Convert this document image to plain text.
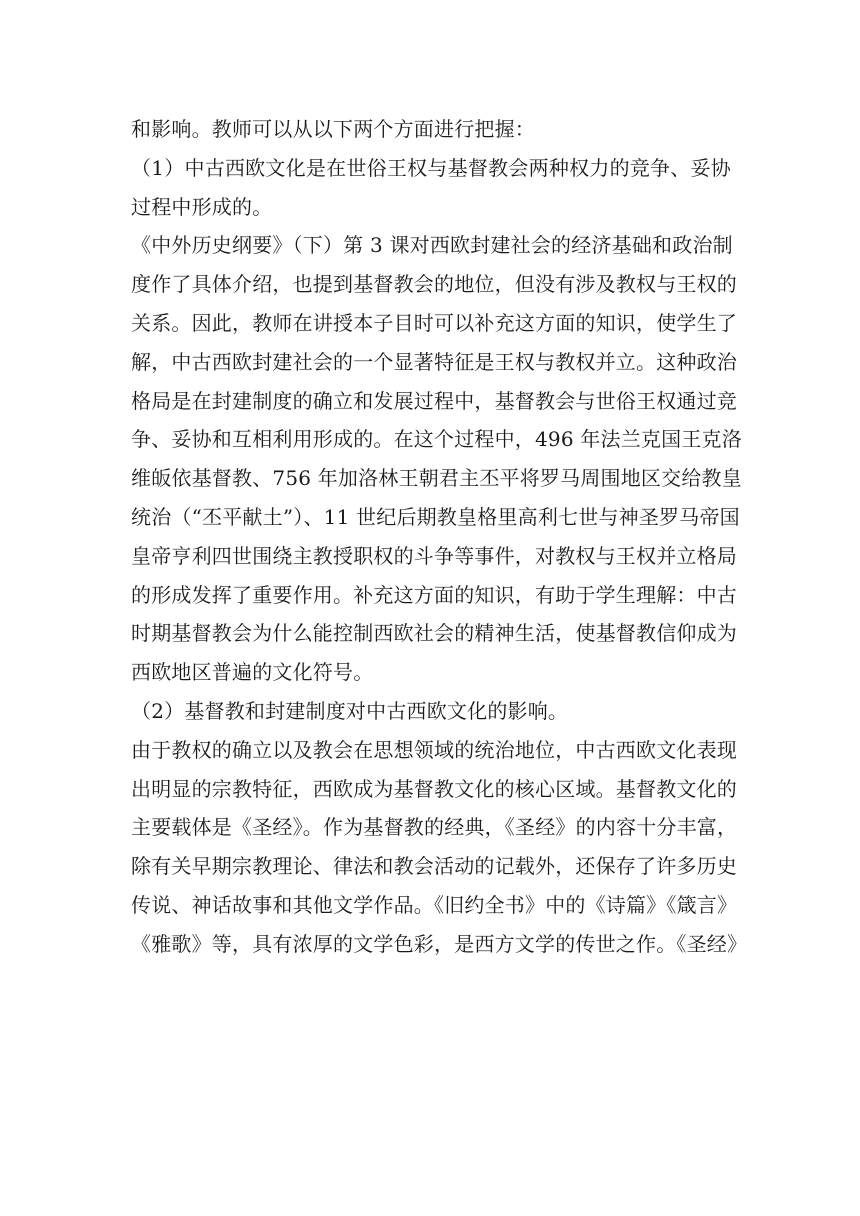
和影响。教师可以从以下两个方面进行把握：
（1）中古西欧文化是在世俗王权与基督教会两种权力的竞争、妥协
过程中形成的。
《中外历史纲要》（下）第 3 课对西欧封建社会的经济基础和政治制
度作了具体介绍，也提到基督教会的地位，但没有涉及教权与王权的
关系。因此，教师在讲授本子目时可以补充这方面的知识，使学生了
解，中古西欧封建社会的一个显著特征是王权与教权并立。这种政治
格局是在封建制度的确立和发展过程中，基督教会与世俗王权通过竞
争、妥协和互相利用形成的。在这个过程中，496 年法兰克国王克洛
维皈依基督教、756 年加洛林王朝君主丕平将罗马周围地区交给教皇
统治（“丕平献土”）、11 世纪后期教皇格里高利七世与神圣罗马帝国
皇帝亨利四世围绕主教授职权的斗争等事件，对教权与王权并立格局
的形成发挥了重要作用。补充这方面的知识，有助于学生理解：中古
时期基督教会为什么能控制西欧社会的精神生活，使基督教信仰成为
西欧地区普遍的文化符号。
（2）基督教和封建制度对中古西欧文化的影响。
由于教权的确立以及教会在思想领域的统治地位，中古西欧文化表现
出明显的宗教特征，西欧成为基督教文化的核心区域。基督教文化的
主要载体是《圣经》。作为基督教的经典，《圣经》的内容十分丰富，
除有关早期宗教理论、律法和教会活动的记载外，还保存了许多历史
传说、神话故事和其他文学作品。《旧约全书》中的《诗篇》《箴言》
《雅歌》等，具有浓厚的文学色彩，是西方文学的传世之作。《圣经》
